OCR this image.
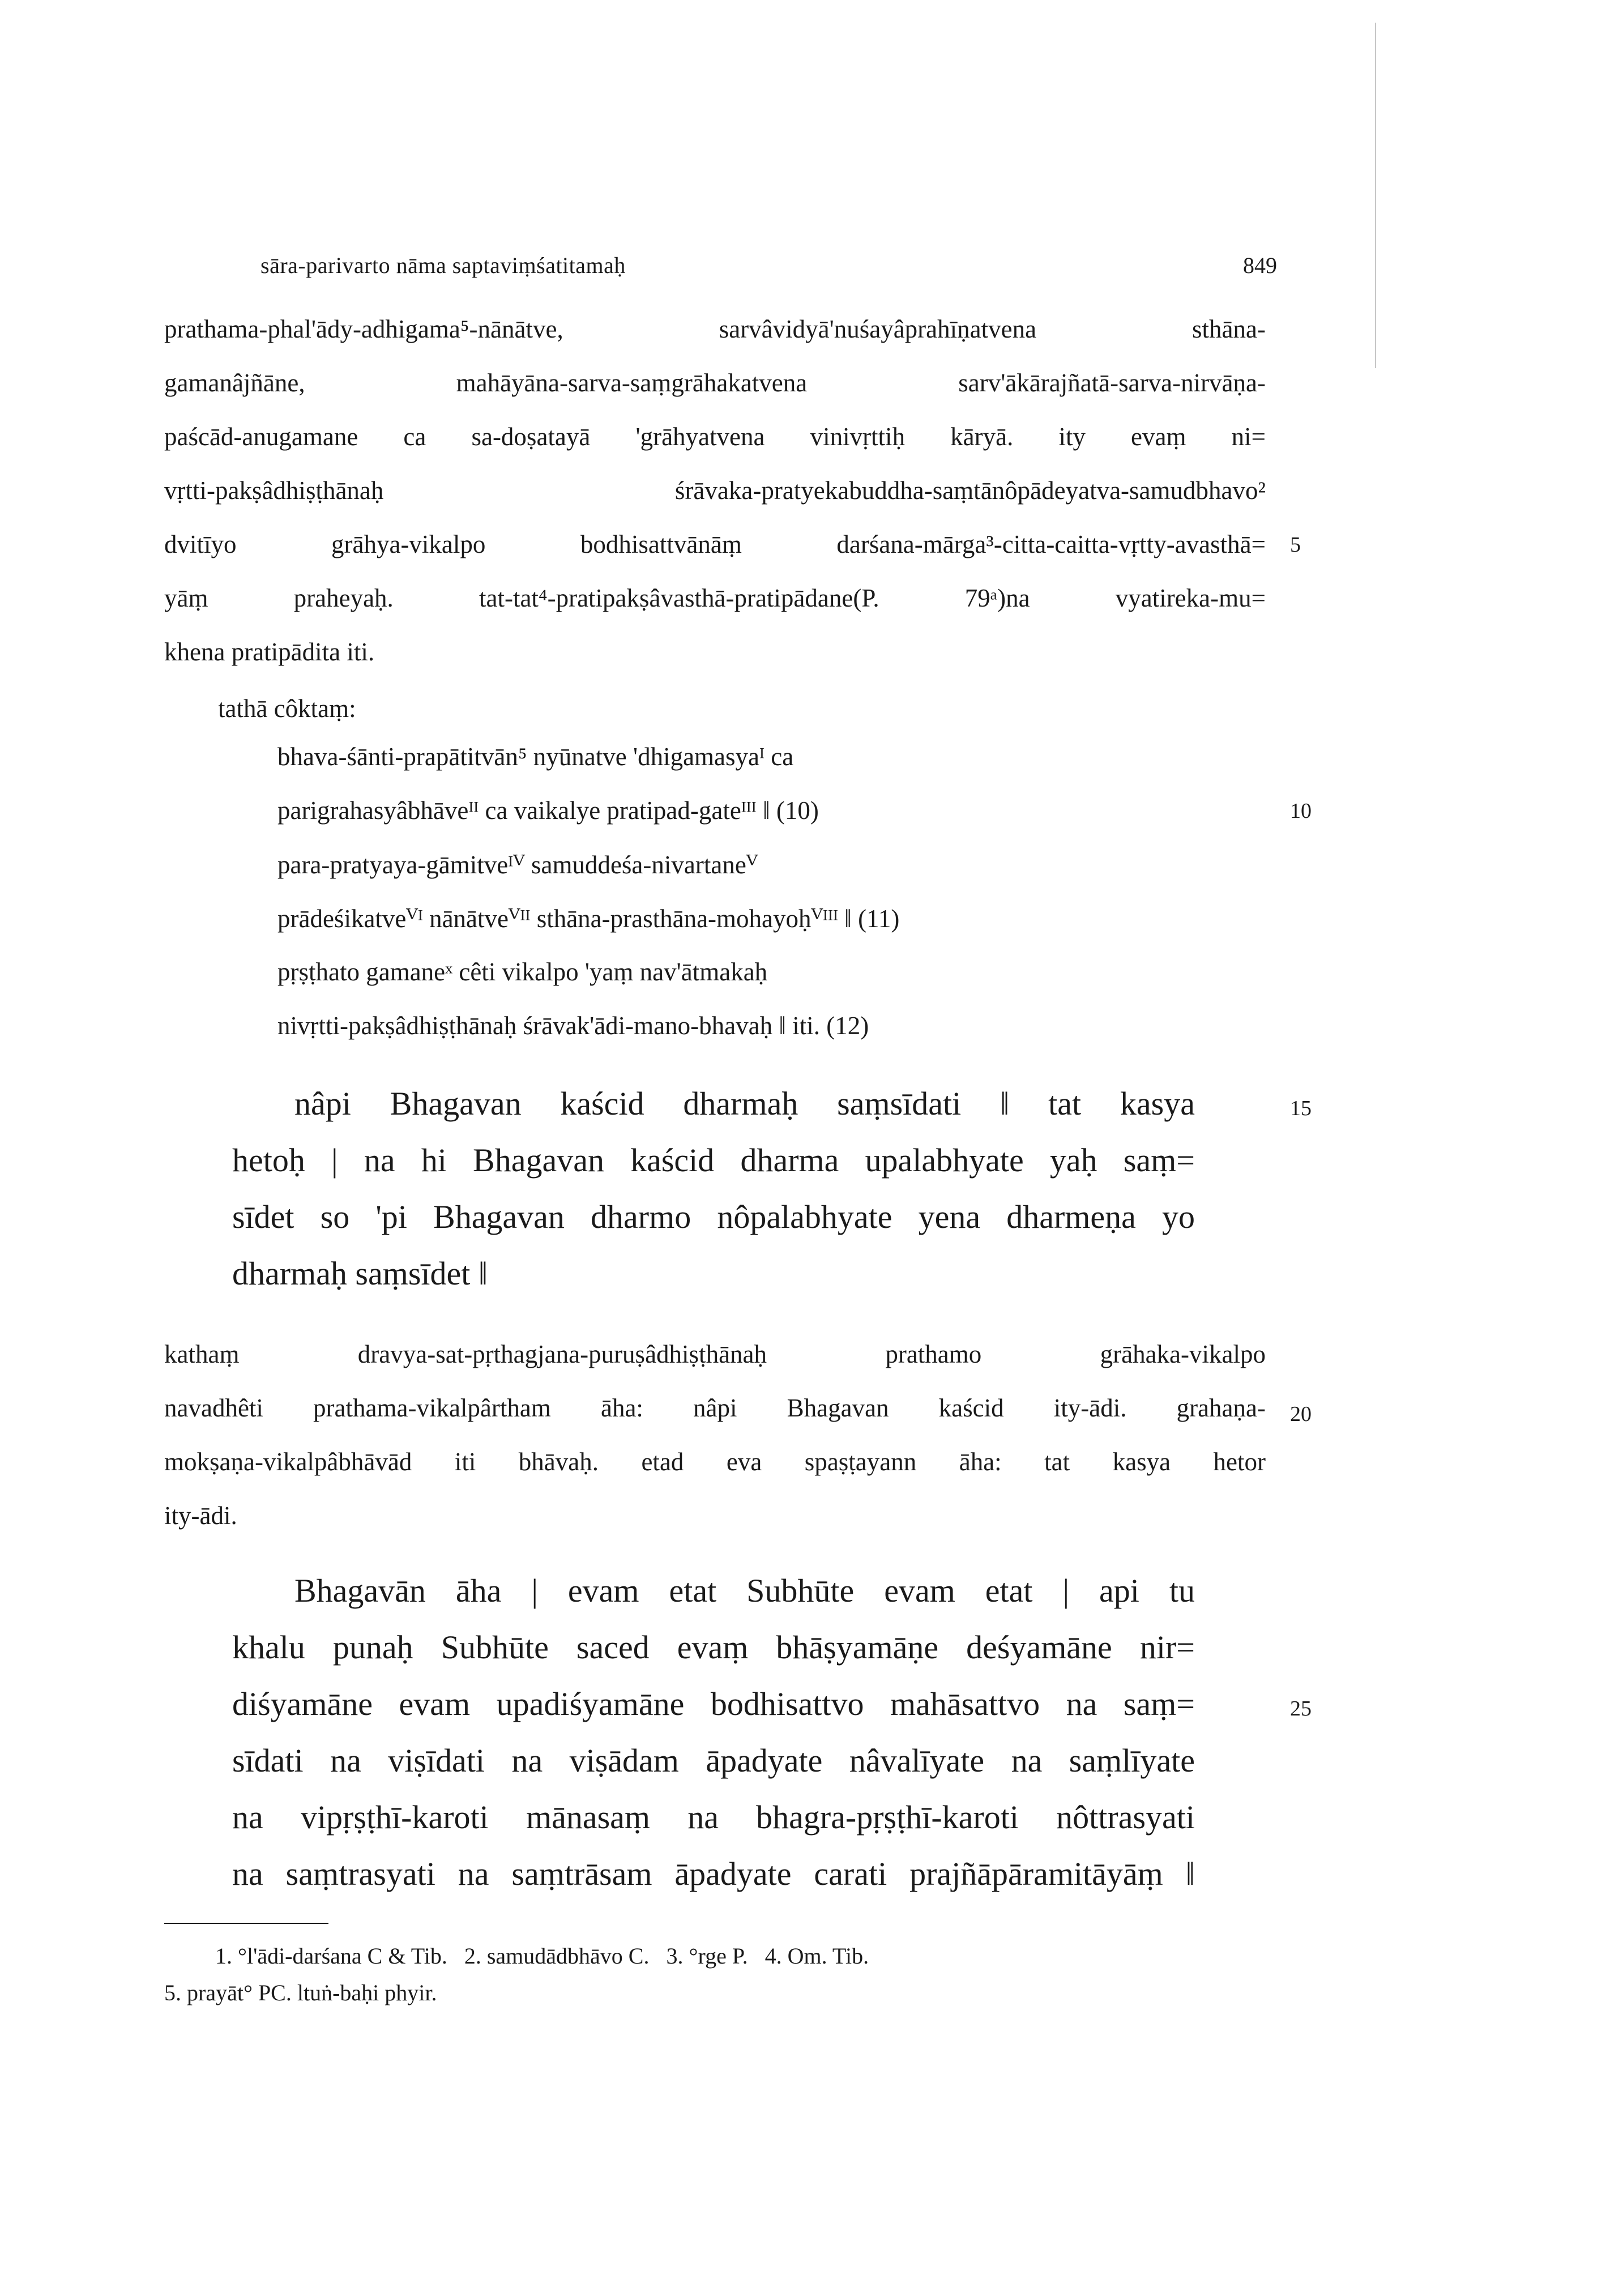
sāra-parivarto nāma saptaviṃśatitamaḥ	849
prathama-phal'ādy-adhigama⁵-nānātve, sarvâvidyā'nuśayâprahīṇatvena sthāna-
gamanâjñāne, mahāyāna-sarva-saṃgrāhakatvena sarv'ākārajñatā-sarva-nirvāṇa-
paścād-anugamane ca sa-doṣatayā 'grāhyatvena vinivṛttiḥ kāryā. ity evaṃ ni=
vṛtti-pakṣâdhiṣṭhānaḥ śrāvaka-pratyekabuddha-saṃtānôpādeyatva-samudbhavo²
dvitīyo grāhya-vikalpo bodhisattvānāṃ darśana-mārga³-citta-caitta-vṛtty-avasthā=
yāṃ praheyaḥ. tat-tat⁴-pratipakṣâvasthā-pratipādane(P. 79ᵃ)na vyatireka-mu=
khena pratipādita iti.
5
tathā côktaṃ:
bhava-śānti-prapātitvān⁵ nyūnatve 'dhigamasyaᴵ ca
parigrahasyâbhāveᴵᴵ ca vaikalye pratipad-gateᴵᴵᴵ ‖ (10)
para-pratyaya-gāmitveᴵⱽ samuddeśa-nivartaneⱽ
prādeśikatveⱽᴵ nānātveⱽᴵᴵ sthāna-prasthāna-mohayoḥⱽᴵᴵᴵ ‖ (11)
pṛṣṭhato gamaneˣ cêti vikalpo 'yaṃ nav'ātmakaḥ
nivṛtti-pakṣâdhiṣṭhānaḥ śrāvak'ādi-mano-bhavaḥ ‖ iti. (12)
10
nâpi Bhagavan kaścid dharmaḥ saṃsīdati ‖ tat kasya
hetoḥ | na hi Bhagavan kaścid dharma upalabhyate yaḥ saṃ=
sīdet so 'pi Bhagavan dharmo nôpalabhyate yena dharmeṇa yo
dharmaḥ saṃsīdet ‖
15
kathaṃ dravya-sat-pṛthagjana-puruṣâdhiṣṭhānaḥ prathamo grāhaka-vikalpo
navadhêti prathama-vikalpârtham āha: nâpi Bhagavan kaścid ity-ādi. grahaṇa-
mokṣaṇa-vikalpâbhāvād iti bhāvaḥ. etad eva spaṣṭayann āha: tat kasya hetor
ity-ādi.
20
Bhagavān āha | evam etat Subhūte evam etat | api tu
khalu punaḥ Subhūte saced evaṃ bhāṣyamāṇe deśyamāne nir=
diśyamāne evam upadiśyamāne bodhisattvo mahāsattvo na saṃ=
sīdati na viṣīdati na viṣādam āpadyate nâvalīyate na saṃlīyate
na vipṛṣṭhī-karoti mānasaṃ na bhagra-pṛṣṭhī-karoti nôttrasyati
na saṃtrasyati na saṃtrāsam āpadyate carati prajñāpāramitāyāṃ ‖
25
1. °l'ādi-darśana C & Tib.   2. samudādbhāvo C.   3. °rge P.   4. Om. Tib.
5. prayāt° PC. ltuṅ-baḥi phyir.
